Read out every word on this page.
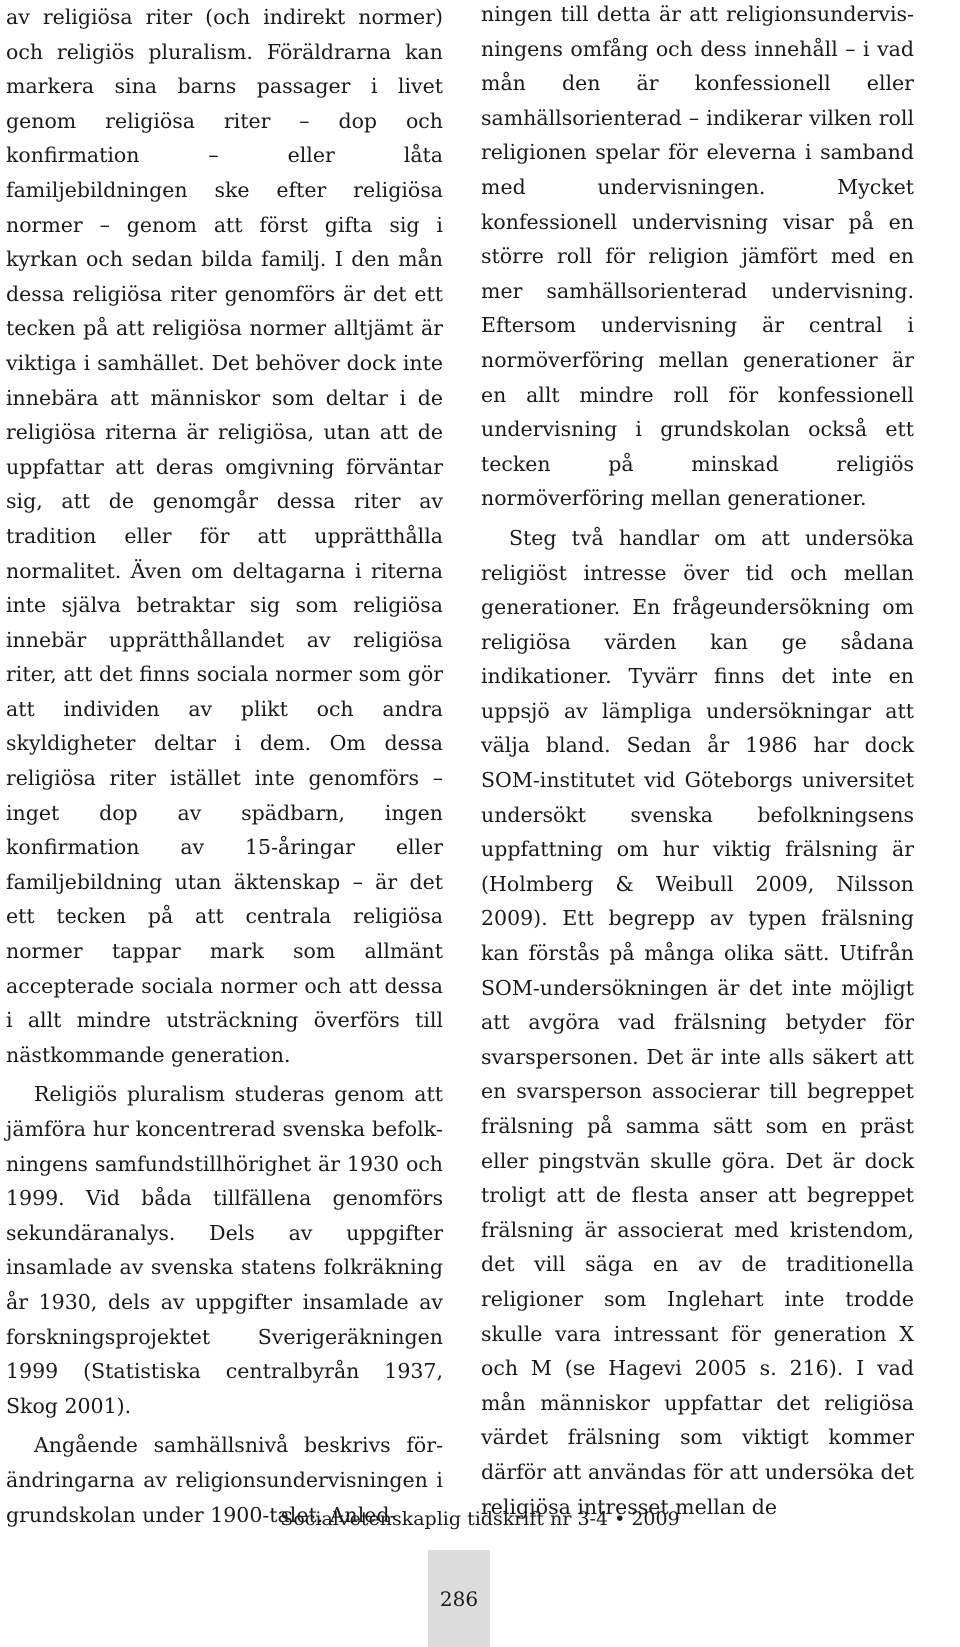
av religiösa riter (och indirekt normer) och religiös pluralism. Föräldrarna kan markera sina barns passager i livet genom religiösa riter – dop och konfirmation – eller låta familjebildningen ske efter religiösa normer – genom att först gifta sig i kyrkan och sedan bilda familj. I den mån dessa religiösa riter genomförs är det ett tecken på att religiösa normer alltjämt är viktiga i samhället. Det behöver dock inte innebära att människor som deltar i de religiösa riterna är religiösa, utan att de uppfattar att deras omgivning förväntar sig, att de genomgår dessa riter av tradition eller för att upprätthålla normalitet. Även om deltagarna i riterna inte själva betraktar sig som religiösa innebär upprätthållandet av religiösa riter, att det finns sociala normer som gör att individen av plikt och andra skyldigheter deltar i dem. Om dessa religiösa riter istället inte genomförs – inget dop av spädbarn, ingen konfirmation av 15-åringar eller familjebildning utan äktenskap – är det ett tecken på att centrala religiösa normer tappar mark som allmänt accepterade sociala normer och att dessa i allt mindre utsträckning överförs till nästkommande generation.

Religiös pluralism studeras genom att jämföra hur koncentrerad svenska befolkningens samfundstillhörighet är 1930 och 1999. Vid båda tillfällena genomförs sekundäranalys. Dels av uppgifter insamlade av svenska statens folkräkning år 1930, dels av uppgifter insamlade av forskningsprojektet Sverigeräkningen 1999 (Statistiska centralbyrån 1937, Skog 2001).

Angående samhällsnivå beskrivs förändringarna av religionsundervisningen i grundskolan under 1900-talet. Anled-

ningen till detta är att religionsundervisningens omfång och dess innehåll – i vad mån den är konfessionell eller samhällsorienterad – indikerar vilken roll religionen spelar för eleverna i samband med undervisningen. Mycket konfessionell undervisning visar på en större roll för religion jämfört med en mer samhällsorienterad undervisning. Eftersom undervisning är central i normöverföring mellan generationer är en allt mindre roll för konfessionell undervisning i grundskolan också ett tecken på minskad religiös normöverföring mellan generationer.

Steg två handlar om att undersöka religiöst intresse över tid och mellan generationer. En frågeundersökning om religiösa värden kan ge sådana indikationer. Tyvärr finns det inte en uppsjö av lämpliga undersökningar att välja bland. Sedan år 1986 har dock SOM-institutet vid Göteborgs universitet undersökt svenska befolkningsens uppfattning om hur viktig frälsning är (Holmberg & Weibull 2009, Nilsson 2009). Ett begrepp av typen frälsning kan förstås på många olika sätt. Utifrån SOM-undersökningen är det inte möjligt att avgöra vad frälsning betyder för svarspersonen. Det är inte alls säkert att en svarsperson associerar till begreppet frälsning på samma sätt som en präst eller pingstvän skulle göra. Det är dock troligt att de flesta anser att begreppet frälsning är associerat med kristendom, det vill säga en av de traditionella religioner som Inglehart inte trodde skulle vara intressant för generation X och M (se Hagevi 2005 s. 216). I vad mån människor uppfattar det religiösa värdet frälsning som viktigt kommer därför att användas för att undersöka det religiösa intresset mellan de

Socialvetenskaplig tidskrift nr 3-4 • 2009
286
